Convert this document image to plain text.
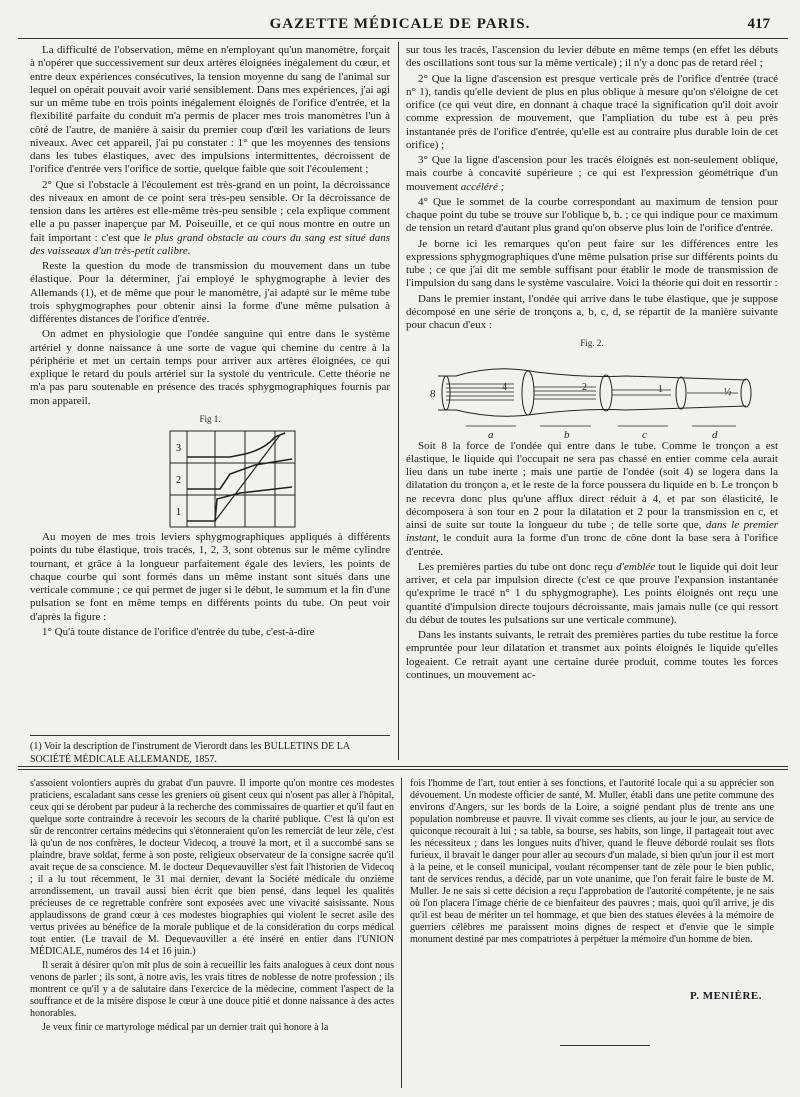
GAZETTE MÉDICALE DE PARIS.	417

La difficulté de l'observation, même en n'employant qu'un manomètre, forçait à n'opérer que successivement sur deux artères éloignées inégalement du cœur, et entre deux expériences consécutives, la tension moyenne du sang de l'animal sur lequel on opérait pouvait avoir varié sensiblement. Dans mes expériences, j'ai agi sur un même tube en trois points inégalement éloignés de l'orifice d'entrée, et la flexibilité parfaite du conduit m'a permis de placer mes trois manomètres l'un à côté de l'autre, de manière à saisir du premier coup d'œil les variations de leurs niveaux. Avec cet appareil, j'ai pu constater : 1° que les moyennes des tensions dans les tubes élastiques, avec des impulsions intermittentes, décroissent de l'orifice d'entrée vers l'orifice de sortie, quelque faible que soit l'écoulement ;

2° Que si l'obstacle à l'écoulement est très-grand en un point, la décroissance des niveaux en amont de ce point sera très-peu sensible. Or la décroissance de tension dans les artères est elle-même très-peu sensible ; cela explique comment elle a pu passer inaperçue par M. Poiseuille, et ce qui nous montre en outre un fait important : c'est que le plus grand obstacle au cours du sang est situé dans des vaisseaux d'un très-petit calibre.

Reste la question du mode de transmission du mouvement dans un tube élastique. Pour la déterminer, j'ai employé le sphygmographe à levier des Allemands (1), et de même que pour le manomètre, j'ai adapté sur le même tube trois sphygmographes pour obtenir ainsi la forme d'une même pulsation à différentes distances de l'orifice d'entrée.

On admet en physiologie que l'ondée sanguine qui entre dans le système artériel y donne naissance à une sorte de vague qui chemine du centre à la périphérie et met un certain temps pour arriver aux artères éloignées, ce qui explique le retard du pouls artériel sur la systole du ventricule. Cette théorie ne m'a pas paru soutenable en présence des tracés sphygmographiques fournis par mon appareil.

Fig 1.
3
2
1

Au moyen de mes trois leviers sphygmographiques appliqués à différents points du tube élastique, trois tracés, 1, 2, 3, sont obtenus sur le même cylindre tournant, et grâce à la longueur parfaitement égale des leviers, les points de chaque courbe qui sont formés dans un même instant sont situés dans une verticale commune ; ce qui permet de juger si le début, le summum et la fin d'une pulsation se font en même temps en différents points du tube. On peut voir d'après la figure :

1° Qu'à toute distance de l'orifice d'entrée du tube, c'est-à-dire

(1) Voir la description de l'instrument de Vierordt dans les BULLETINS DE LA SOCIÉTÉ MÉDICALE ALLEMANDE, 1857.

sur tous les tracés, l'ascension du levier débute en même temps (en effet les débuts des oscillations sont tous sur la même verticale) ; il n'y a donc pas de retard réel ;

2° Que la ligne d'ascension est presque verticale près de l'orifice d'entrée (tracé n° 1), tandis qu'elle devient de plus en plus oblique à mesure qu'on s'éloigne de cet orifice (ce qui veut dire, en donnant à chaque tracé la signification qu'il doit avoir comme expression de mouvement, que l'ampliation du tube est à peu près instantanée près de l'orifice d'entrée, qu'elle est au contraire plus durable loin de cet orifice) ;

3° Que la ligne d'ascension pour les tracés éloignés est non-seulement oblique, mais courbe à concavité supérieure ; ce qui est l'expression géométrique d'un mouvement accéléré ;

4° Que le sommet de la courbe correspondant au maximum de tension pour chaque point du tube se trouve sur l'oblique b, b. ; ce qui indique pour ce maximum de tension un retard d'autant plus grand qu'on observe plus loin de l'orifice d'entrée.

Je borne ici les remarques qu'on peut faire sur les différences entre les expressions sphygmographiques d'une même pulsation prise sur différents points du tube ; ce que j'ai dit me semble suffisant pour établir le mode de transmission de l'impulsion du sang dans le système vasculaire. Voici la théorie qui doit en ressortir :

Dans le premier instant, l'ondée qui arrive dans le tube élastique, que je suppose décomposé en une série de tronçons a, b, c, d, se répartit de la manière suivante pour chacun d'eux :

Fig. 2.
8
a	b	c	d
4	2	1	½

Soit 8 la force de l'ondée qui entre dans le tube. Comme le tronçon a est élastique, le liquide qui l'occupait ne sera pas chassé en entier comme cela aurait lieu dans un tube inerte ; mais une partie de l'ondée (soit 4) se logera dans la dilatation du tronçon a, et le reste de la force poussera du liquide en b. Le tronçon b ne recevra donc plus qu'une afflux direct réduit à 4, et par son élasticité, le décomposera à son tour en 2 pour la dilatation et 2 pour la transmission en c, et ainsi de suite sur toute la longueur du tube ; de telle sorte que, dans le premier instant, le conduit aura la forme d'un tronc de cône dont la base sera à l'orifice d'entrée.

Les premières parties du tube ont donc reçu d'emblée tout le liquide qui doit leur arriver, et cela par impulsion directe (c'est ce que prouve l'expansion instantanée qu'exprime le tracé n° 1 du sphygmographe). Les points éloignés ont reçu une quantité d'impulsion directe toujours décroissante, mais jamais nulle (ce qui ressort du début de toutes les pulsations sur une verticale commune).

Dans les instants suivants, le retrait des premières parties du tube restitue la force empruntée pour leur dilatation et transmet aux points éloignés le liquide qu'elles logeaient. Ce retrait ayant une certaine durée produit, comme toutes les forces continues, un mouvement ac-

s'assoient volontiers auprès du grabat d'un pauvre. Il importe qu'on montre ces modestes praticiens, escaladant sans cesse les greniers où gisent ceux qui n'osent pas aller à l'hôpital, ceux qui se dérobent par pudeur à la recherche des commissaires de quartier et qu'il faut en quelque sorte contraindre à recevoir les secours de la charité publique. C'est là qu'on est sûr de rencontrer certains médecins qui s'étonneraient qu'on les remerciât de leur zèle, c'est là qu'un de nos confrères, le docteur Videcoq, a trouvé la mort, et il a succombé sans se plaindre, brave soldat, ferme à son poste, religieux observateur de la consigne sacrée qu'il avait reçue de sa conscience. M. le docteur Dequevauviller s'est fait l'historien de Videcoq ; il a lu tout récemment, le 31 mai dernier, devant la Société médicale du onzième arrondissement, un travail aussi bien écrit que bien pensé, dans lequel les qualités précieuses de ce regrettable confrère sont exposées avec une vivacité saisissante. Nous applaudissons de grand cœur à ces modestes biographies qui violent le secret asile des vertus privées au bénéfice de la morale publique et de la considération du corps médical tout entier. (Le travail de M. Dequevauviller a été inséré en entier dans l'UNION MÉDICALE, numéros des 14 et 16 juin.)

Il serait à désirer qu'on mît plus de soin à recueillir les faits analogues à ceux dont nous venons de parler ; ils sont, à notre avis, les vrais titres de noblesse de notre profession ; ils montrent ce qu'il y a de salutaire dans l'exercice de la médecine, comment l'aspect de la souffrance et de la misère dispose le cœur à une douce pitié et donne naissance à des actes honorables.

Je veux finir ce martyrologe médical par un dernier trait qui honore à la

fois l'homme de l'art, tout entier à ses fonctions, et l'autorité locale qui a su apprécier son dévouement. Un modeste officier de santé, M. Muller, établi dans une petite commune des environs d'Angers, sur les bords de la Loire, a soigné pendant plus de trente ans une population nombreuse et pauvre. Il vivait comme ses clients, au jour le jour, au service de quiconque recourait à lui ; sa table, sa bourse, ses habits, son linge, il partageait tout avec les nécessiteux ; dans les longues nuits d'hiver, quand le fleuve débordé roulait ses flots furieux, il bravait le danger pour aller au secours d'un malade, si bien qu'un jour il est mort à la peine, et le conseil municipal, voulant récompenser tant de zèle pour le bien public, tant de services rendus, a décidé, par un vote unanime, que l'on ferait faire le buste de M. Muller. Je ne sais si cette décision a reçu l'approbation de l'autorité compétente, je ne sais où l'on placera l'image chérie de ce bienfaiteur des pauvres ; mais, quoi qu'il arrive, je dis qu'il est beau de mériter un tel hommage, et que bien des statues élevées à la mémoire de guerriers célèbres me paraissent moins dignes de respect et d'envie que le simple monument destiné par mes compatriotes à perpétuer la mémoire d'un homme de bien.

P. MENIÈRE.
